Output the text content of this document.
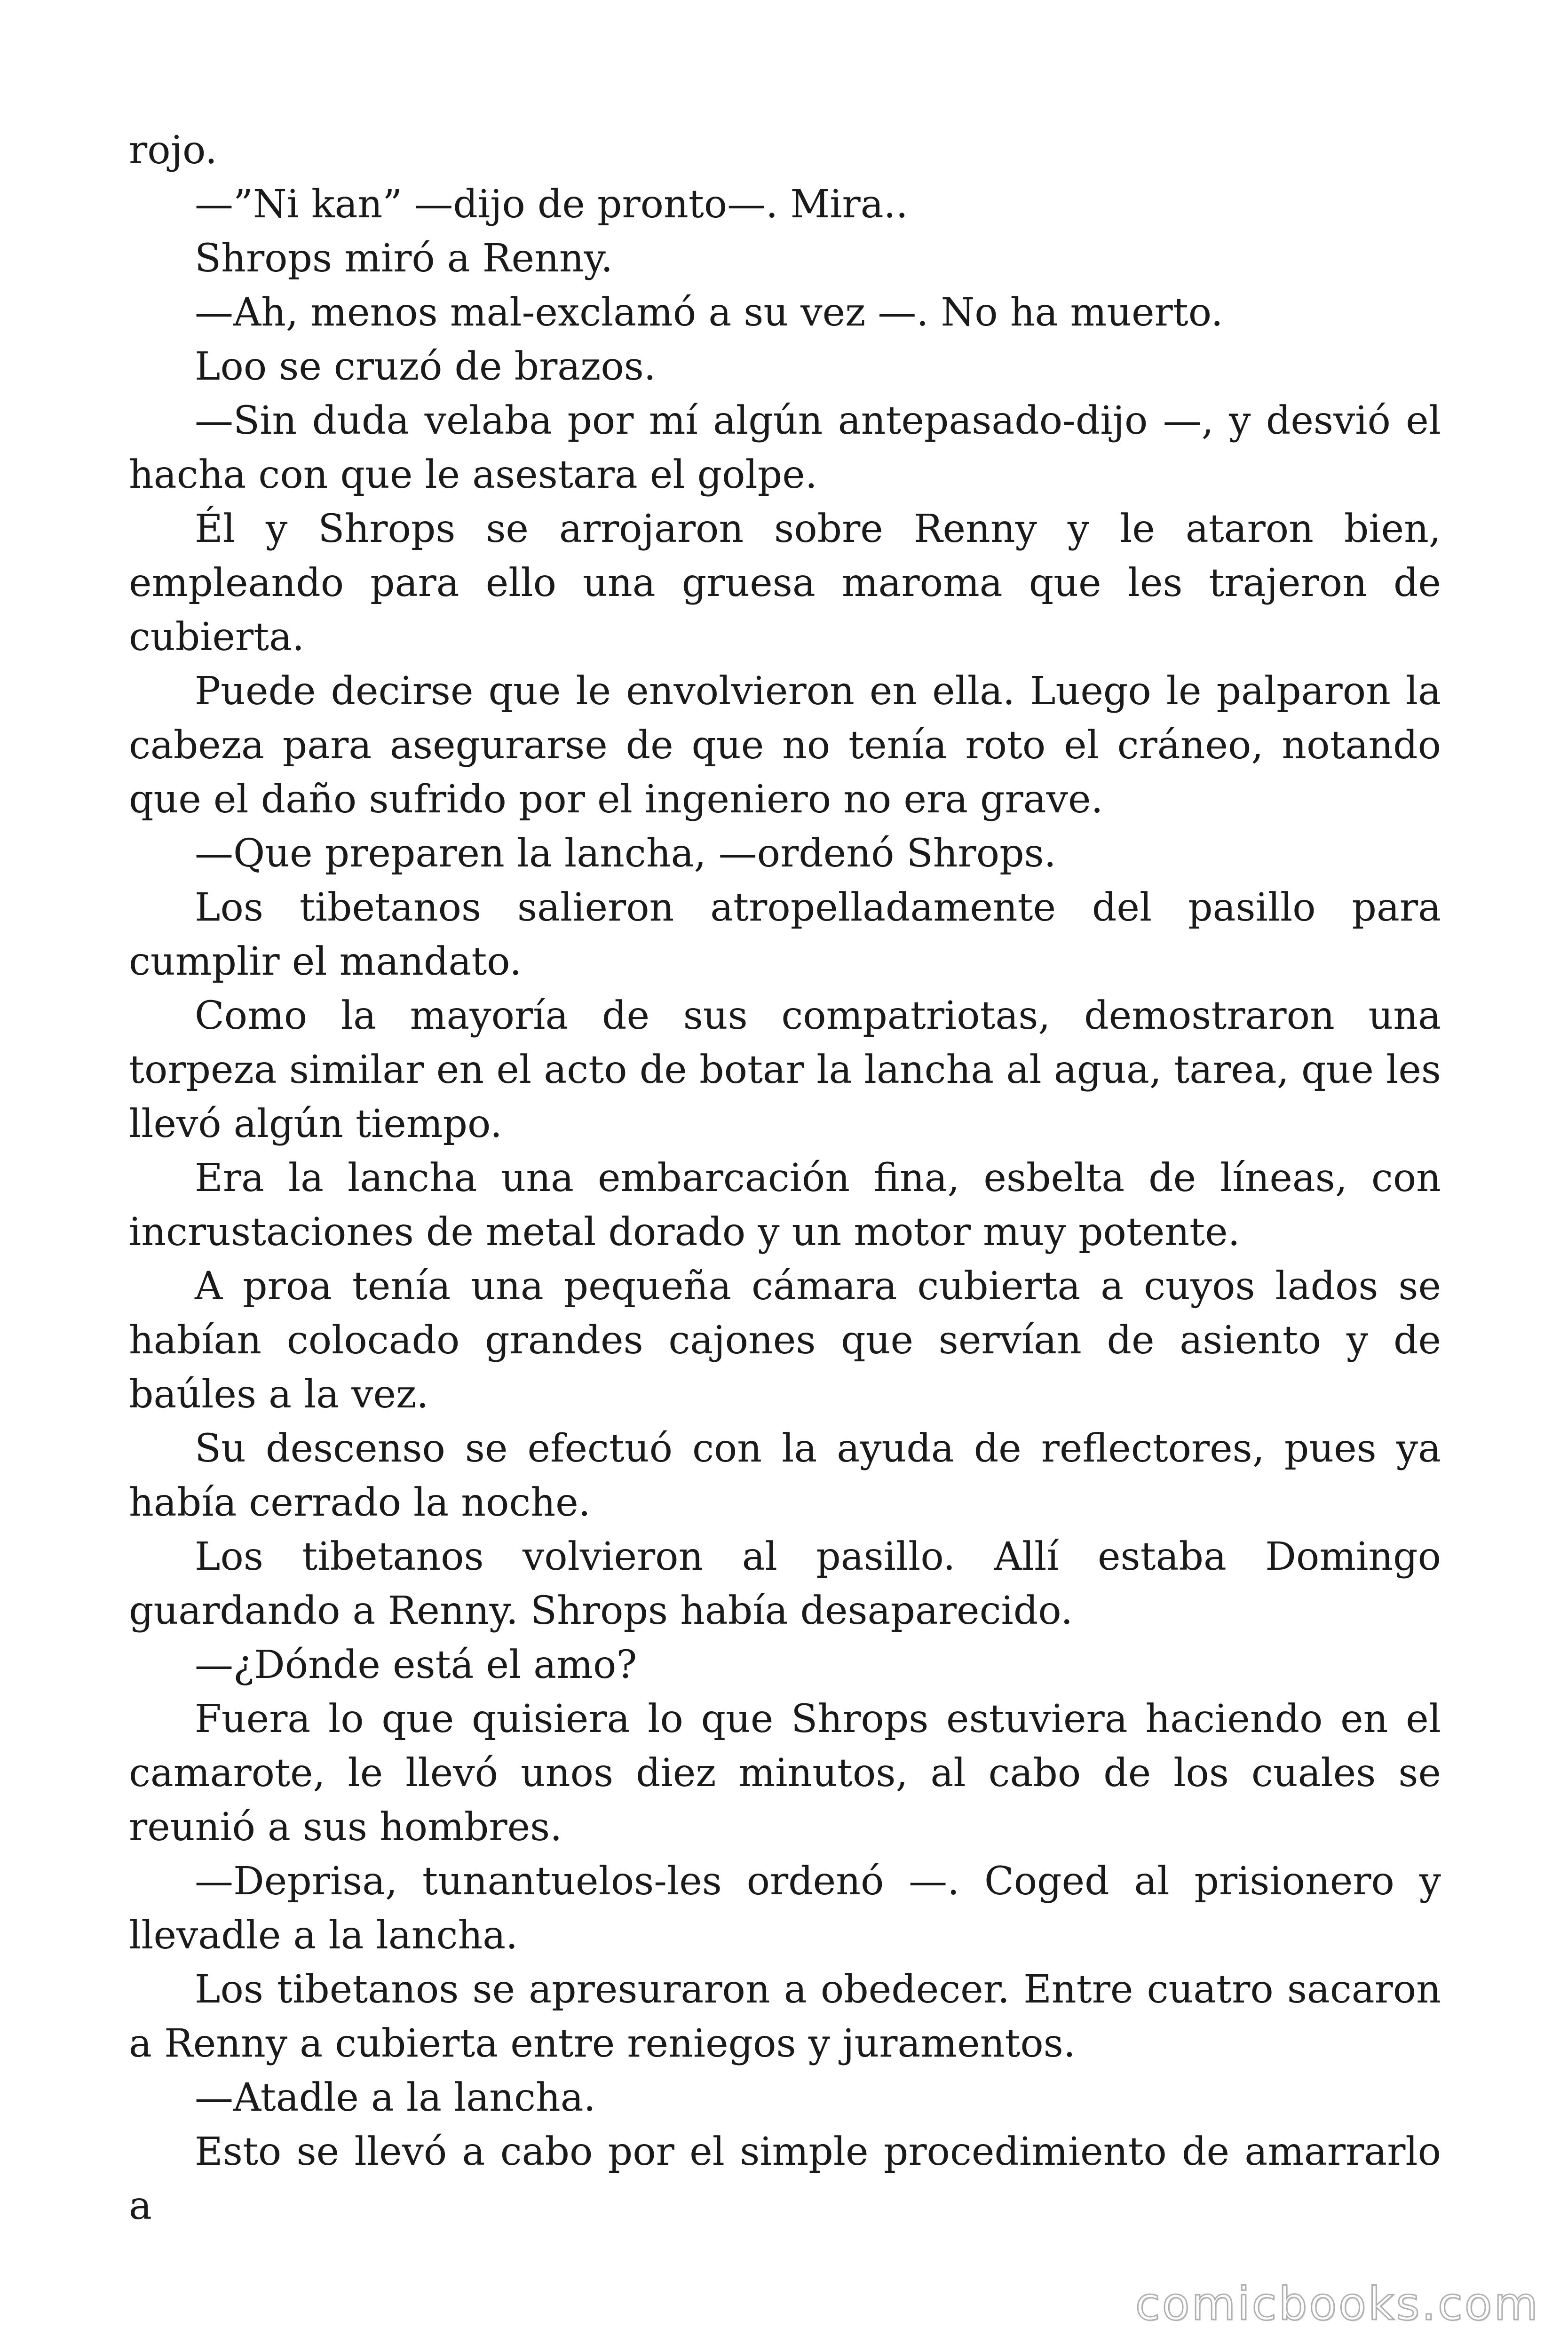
rojo.

—”Ni kan” —dijo de pronto—. Mira..

Shrops miró a Renny.

—Ah, menos mal-exclamó a su vez —. No ha muerto.

Loo se cruzó de brazos.

—Sin duda velaba por mí algún antepasado-dijo —, y desvió el hacha con que le asestara el golpe.

Él y Shrops se arrojaron sobre Renny y le ataron bien, empleando para ello una gruesa maroma que les trajeron de cubierta.

Puede decirse que le envolvieron en ella. Luego le palparon la cabeza para asegurarse de que no tenía roto el cráneo, notando que el daño sufrido por el ingeniero no era grave.

—Que preparen la lancha, —ordenó Shrops.

Los tibetanos salieron atropelladamente del pasillo para cumplir el mandato.

Como la mayoría de sus compatriotas, demostraron una torpeza similar en el acto de botar la lancha al agua, tarea, que les llevó algún tiempo.

Era la lancha una embarcación fina, esbelta de líneas, con incrustaciones de metal dorado y un motor muy potente.

A proa tenía una pequeña cámara cubierta a cuyos lados se habían colocado grandes cajones que servían de asiento y de baúles a la vez.

Su descenso se efectuó con la ayuda de reflectores, pues ya había cerrado la noche.

Los tibetanos volvieron al pasillo. Allí estaba Domingo guardando a Renny. Shrops había desaparecido.

—¿Dónde está el amo?

Fuera lo que quisiera lo que Shrops estuviera haciendo en el camarote, le llevó unos diez minutos, al cabo de los cuales se reunió a sus hombres.

—Deprisa, tunantuelos-les ordenó —. Coged al prisionero y llevadle a la lancha.

Los tibetanos se apresuraron a obedecer. Entre cuatro sacaron a Renny a cubierta entre reniegos y juramentos.

—Atadle a la lancha.

Esto se llevó a cabo por el simple procedimiento de amarrarlo a

comicbooks.com
